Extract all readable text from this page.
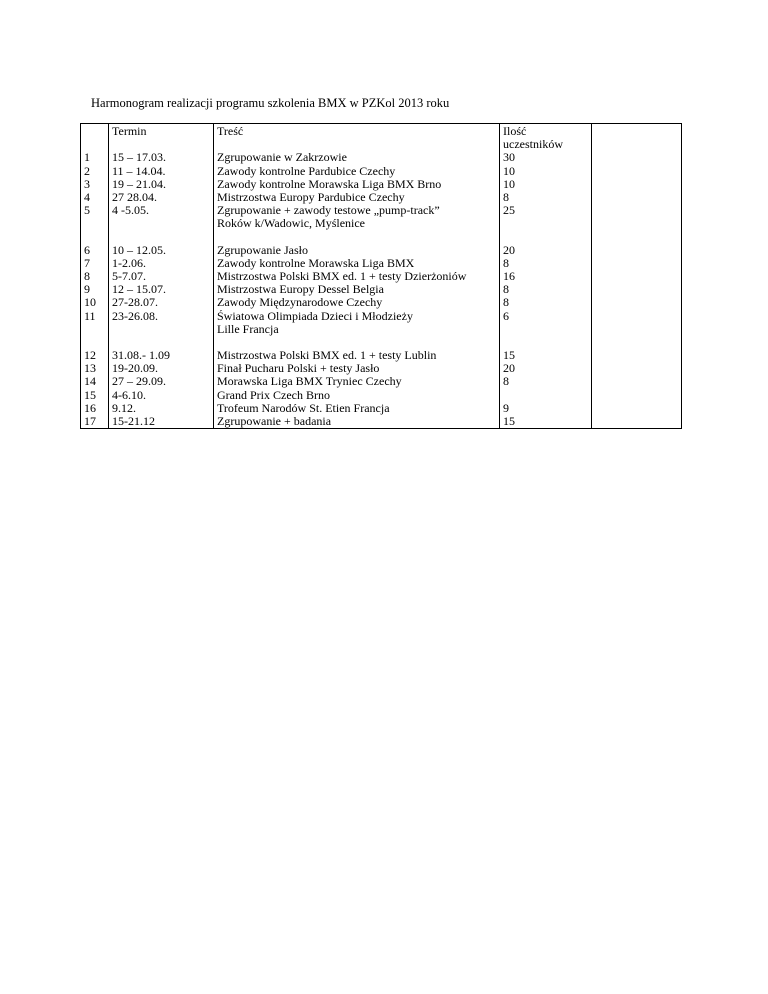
Harmonogram realizacji programu szkolenia BMX w PZKol 2013 roku
	Termin	Treść	Ilość
uczestników	

1	15 – 17.03.	Zgrupowanie w Zakrzowie	30	
2	11 – 14.04.	Zawody kontrolne Pardubice Czechy	10	
3	19 – 21.04.	Zawody kontrolne Morawska Liga BMX Brno	10	
4	27 28.04.	Mistrzostwa Europy Pardubice Czechy	8	
5	4 -5.05.	Zgrupowanie + zawody testowe „pump-track”
Roków k/Wadowic, Myślenice	25	

6	10 – 12.05.	Zgrupowanie Jasło	20	
7	1-2.06.	Zawody kontrolne Morawska Liga BMX	8	
8	5-7.07.	Mistrzostwa Polski BMX ed. 1 + testy Dzierżoniów	16	
9	12 – 15.07.	Mistrzostwa Europy Dessel Belgia	8	
10	27-28.07.	Zawody Międzynarodowe Czechy	8	
11	23-26.08.	Światowa Olimpiada Dzieci i Młodzieży
Lille Francja	6	

12	31.08.- 1.09	Mistrzostwa Polski BMX ed. 1 + testy Lublin	15	
13	19-20.09.	Finał Pucharu Polski + testy Jasło	20	
14	27 – 29.09.	Morawska Liga BMX Tryniec Czechy	8	
15	4-6.10.	Grand Prix Czech Brno		

16	9.12.	Trofeum Narodów St. Etien Francja	9	
17	15-21.12	Zgrupowanie + badania	15	
